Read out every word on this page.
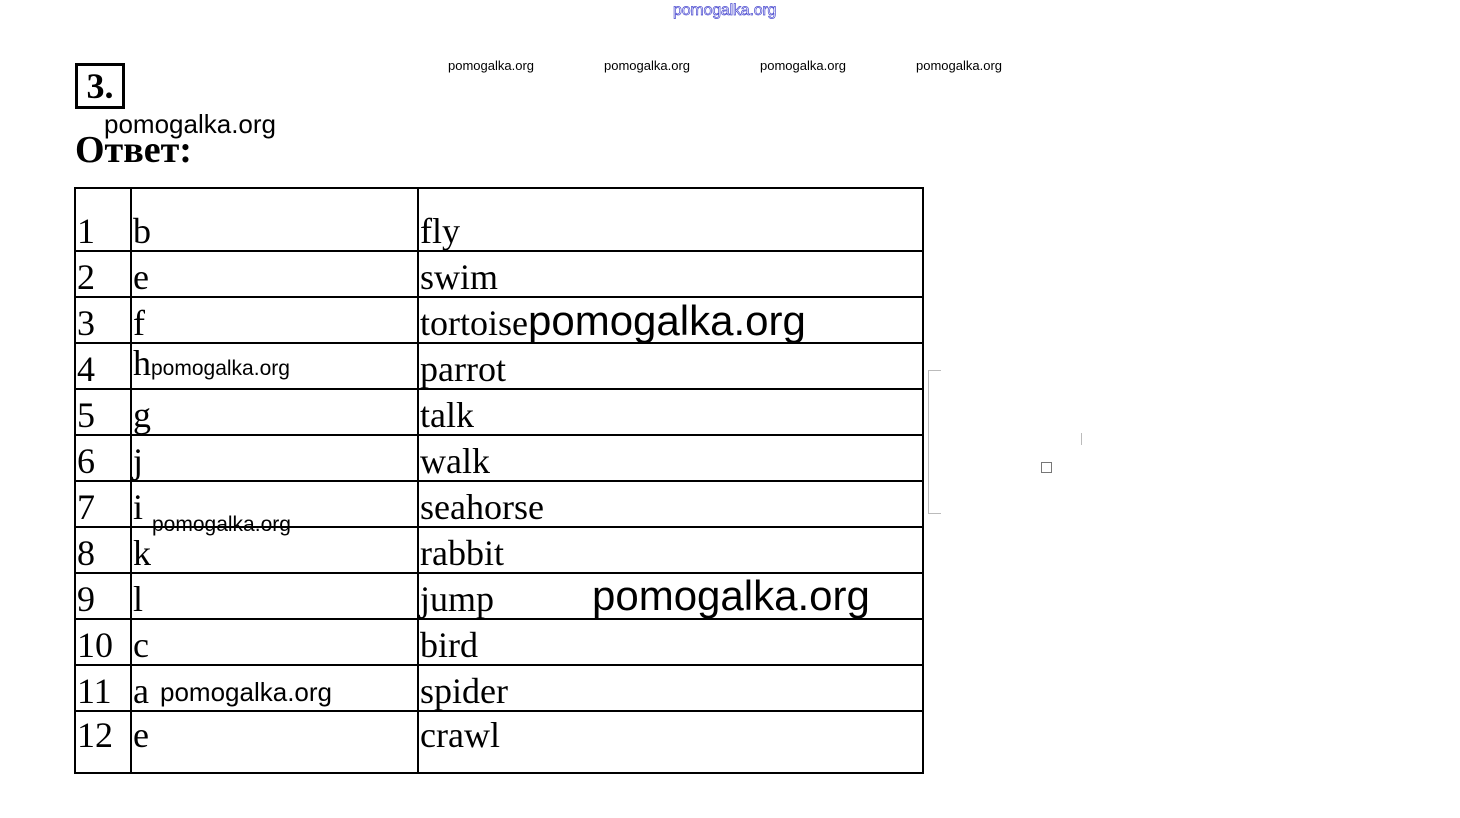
pomogalka.org
pomogalka.org	pomogalka.org	pomogalka.org	pomogalka.org
3.
Ответ:
pomogalka.org
1	b	fly
2	e	swim
3	f	tortoisepomogalka.org
4	hpomogalka.org	parrot
5	g	talk
6	j	walk
7	i	seahorse
8	k	rabbit
9	l	jump
10	c	bird
11	a	spider
12	e	crawl
pomogalka.org
pomogalka.org
pomogalka.org
